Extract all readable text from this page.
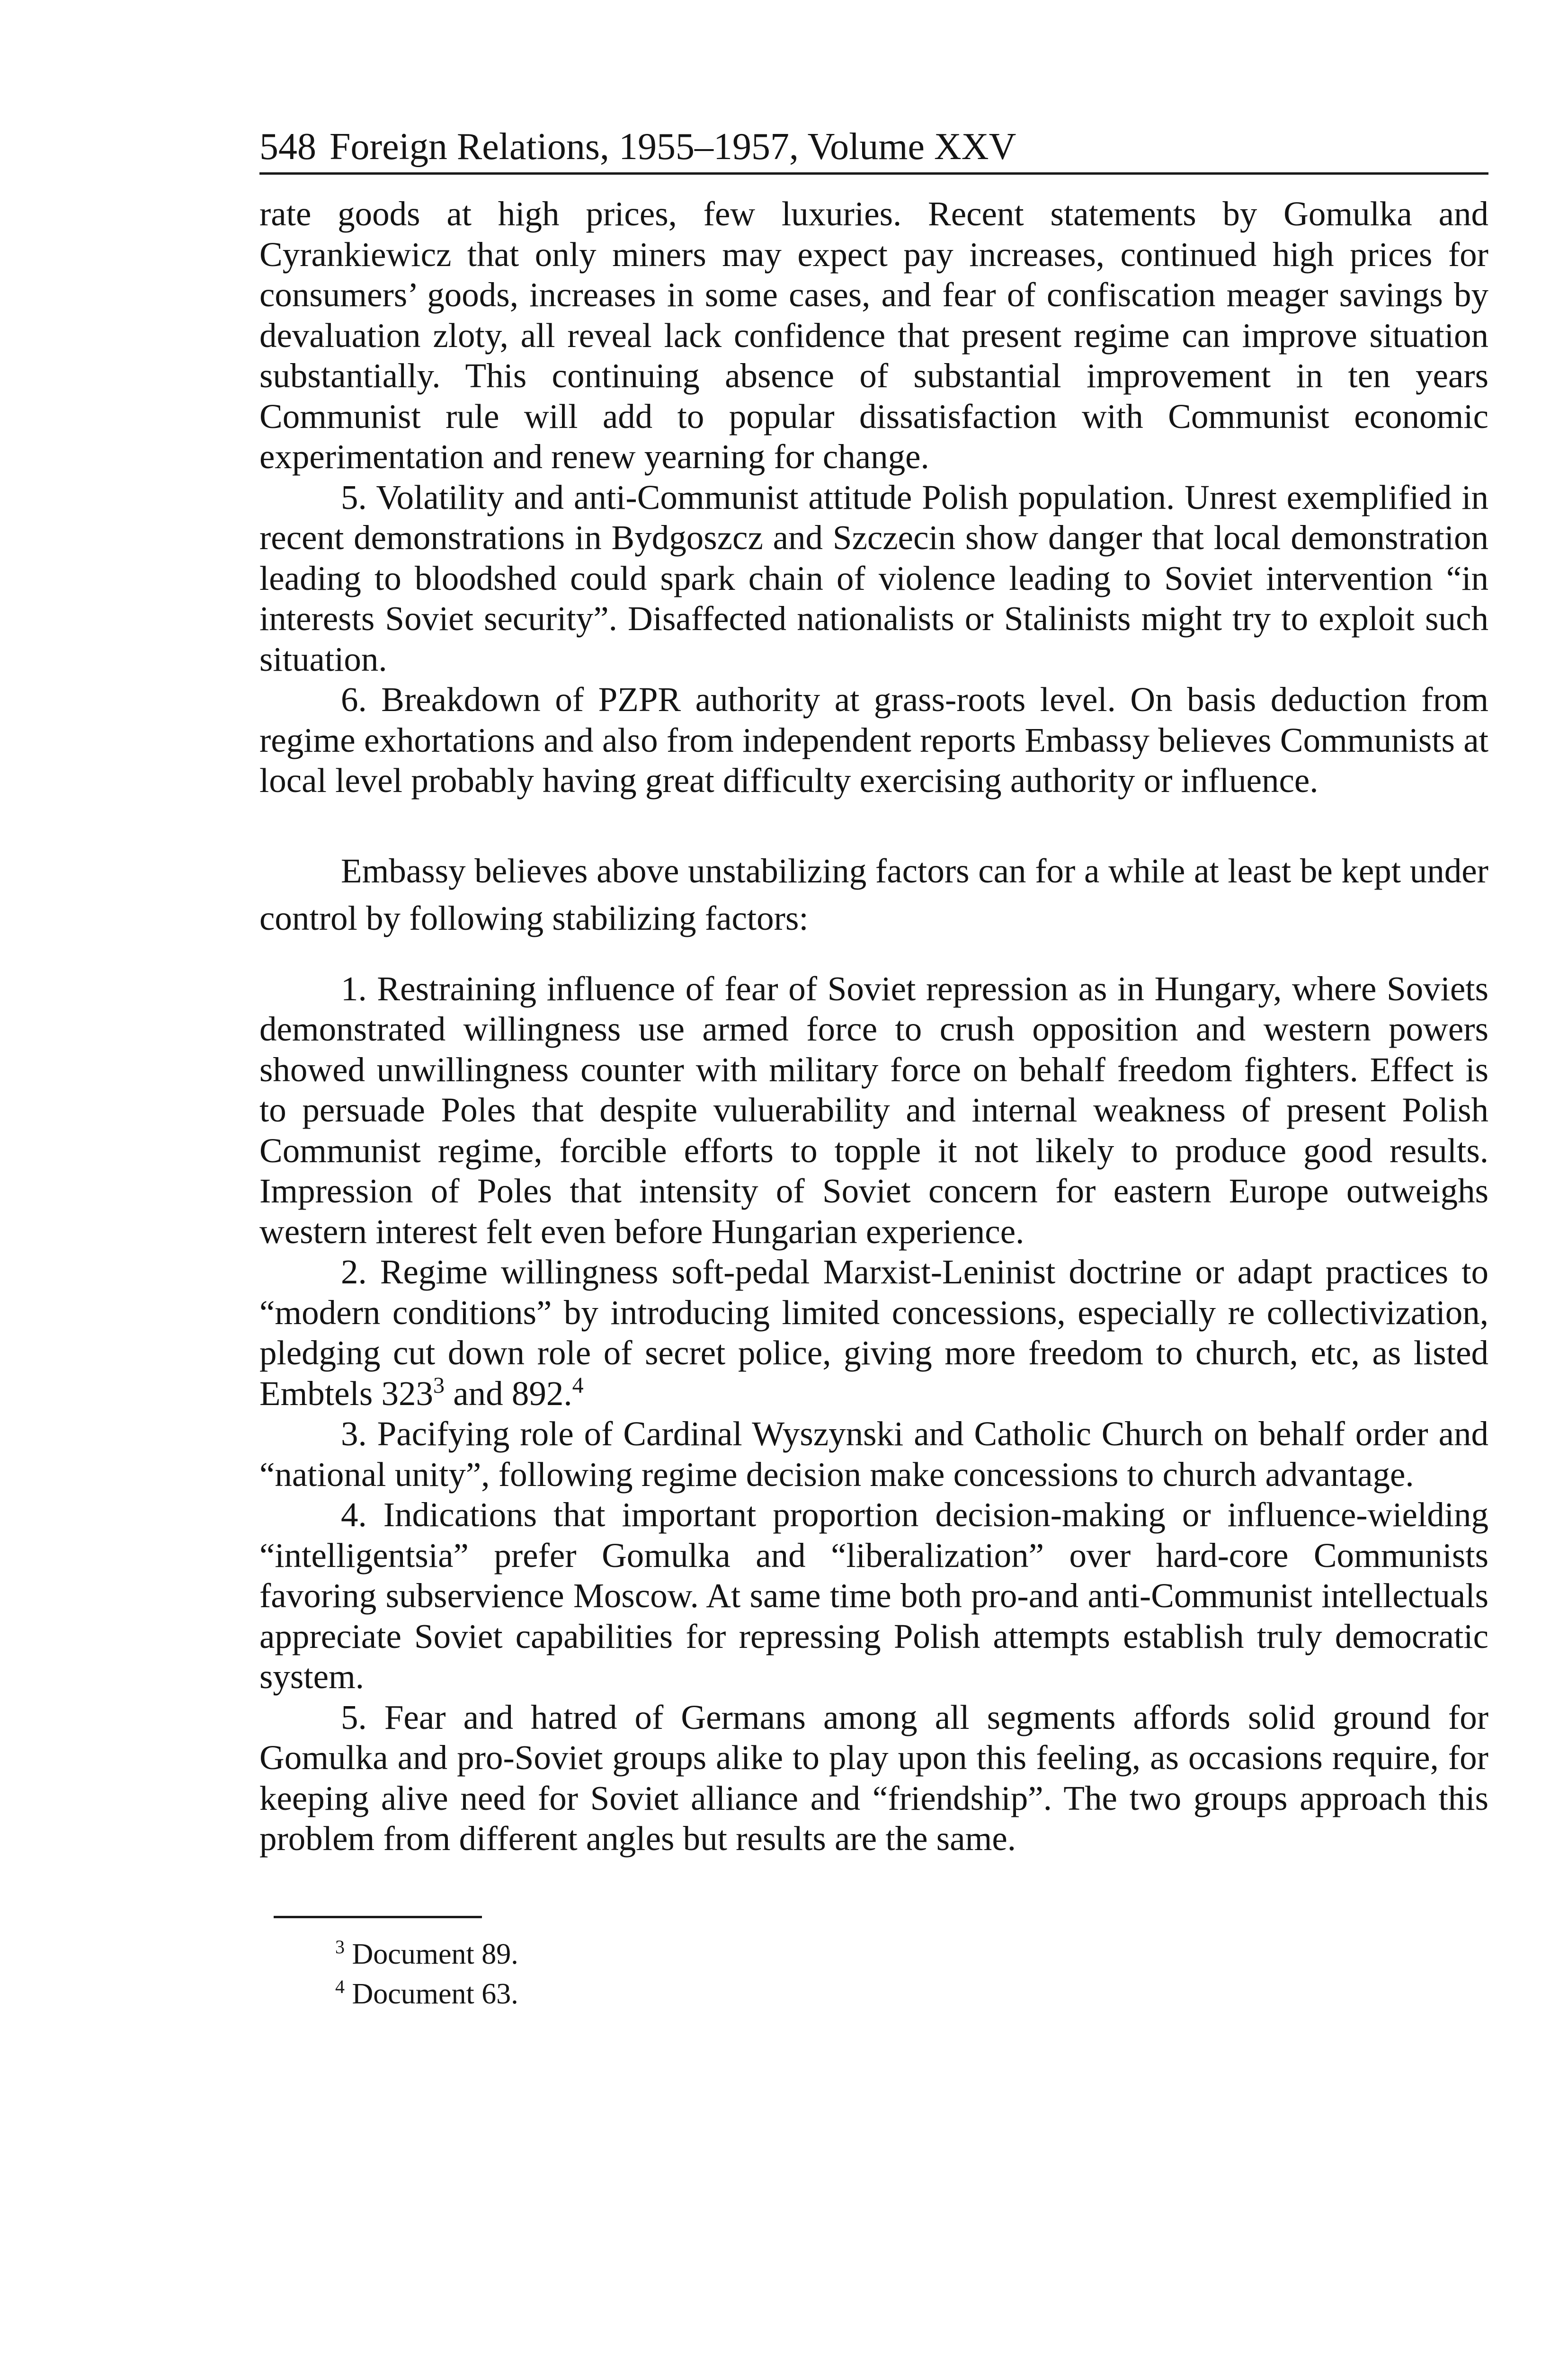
548 Foreign Relations, 1955–1957, Volume XXV

rate goods at high prices, few luxuries. Recent statements by Gomulka and Cyrankiewicz that only miners may expect pay increases, continued high prices for consumers’ goods, increases in some cases, and fear of confiscation meager savings by devaluation zloty, all reveal lack confidence that present regime can improve situation substantially. This continuing absence of substantial improvement in ten years Communist rule will add to popular dissatisfaction with Communist economic experimentation and renew yearning for change.

5. Volatility and anti-Communist attitude Polish population. Unrest exemplified in recent demonstrations in Bydgoszcz and Szczecin show danger that local demonstration leading to bloodshed could spark chain of violence leading to Soviet intervention “in interests Soviet security”. Disaffected nationalists or Stalinists might try to exploit such situation.

6. Breakdown of PZPR authority at grass-roots level. On basis deduction from regime exhortations and also from independent reports Embassy believes Communists at local level probably having great difficulty exercising authority or influence.

Embassy believes above unstabilizing factors can for a while at least be kept under control by following stabilizing factors:

1. Restraining influence of fear of Soviet repression as in Hungary, where Soviets demonstrated willingness use armed force to crush opposition and western powers showed unwillingness counter with military force on behalf freedom fighters. Effect is to persuade Poles that despite vuluerability and internal weakness of present Polish Communist regime, forcible efforts to topple it not likely to produce good results. Impression of Poles that intensity of Soviet concern for eastern Europe outweighs western interest felt even before Hungarian experience.

2. Regime willingness soft-pedal Marxist-Leninist doctrine or adapt practices to “modern conditions” by introducing limited concessions, especially re collectivization, pledging cut down role of secret police, giving more freedom to church, etc, as listed Embtels $323^3$ and 892.$^4$

3. Pacifying role of Cardinal Wyszynski and Catholic Church on behalf order and “national unity”, following regime decision make concessions to church advantage.

4. Indications that important proportion decision-making or influence-wielding “intelligentsia” prefer Gomulka and “liberalization” over hard-core Communists favoring subservience Moscow. At same time both pro-and anti-Communist intellectuals appreciate Soviet capabilities for repressing Polish attempts establish truly democratic system.

5. Fear and hatred of Germans among all segments affords solid ground for Gomulka and pro-Soviet groups alike to play upon this feeling, as occasions require, for keeping alive need for Soviet alliance and “friendship”. The two groups approach this problem from different angles but results are the same.

$^3$ Document 89.
$^4$ Document 63.
